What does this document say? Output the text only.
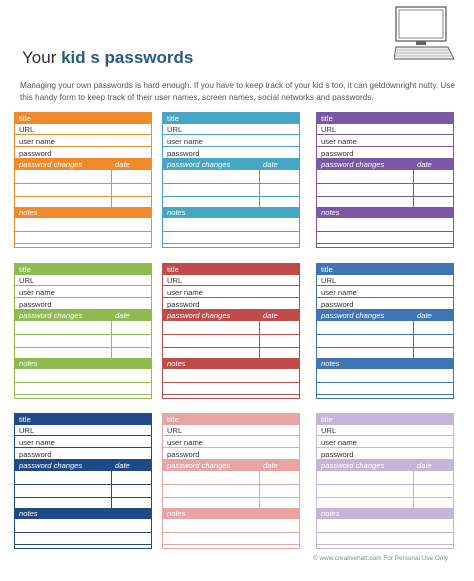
Your kid s passwords
Managing your own passwords is hard enough. If you have to keep track of your kid s too, it can getdownright nutty. Use this handy form to keep track of their user names, screen names, social networks and passwords.
title
URL
user name
password
password changes	date
notes
title
URL
user name
password
password changes	date
notes
title
URL
user name
password
password changes	date
notes
title
URL
user name
password
password changes	date
notes
title
URL
user name
password
password changes	date
notes
title
URL
user name
password
password changes	date
notes
title
URL
user name
password
password changes	date
notes
title
URL
user name
password
password changes	date
notes
title
URL
user name
password
password changes	date
notes
© www.creativehatt.com For Personal Use Only
